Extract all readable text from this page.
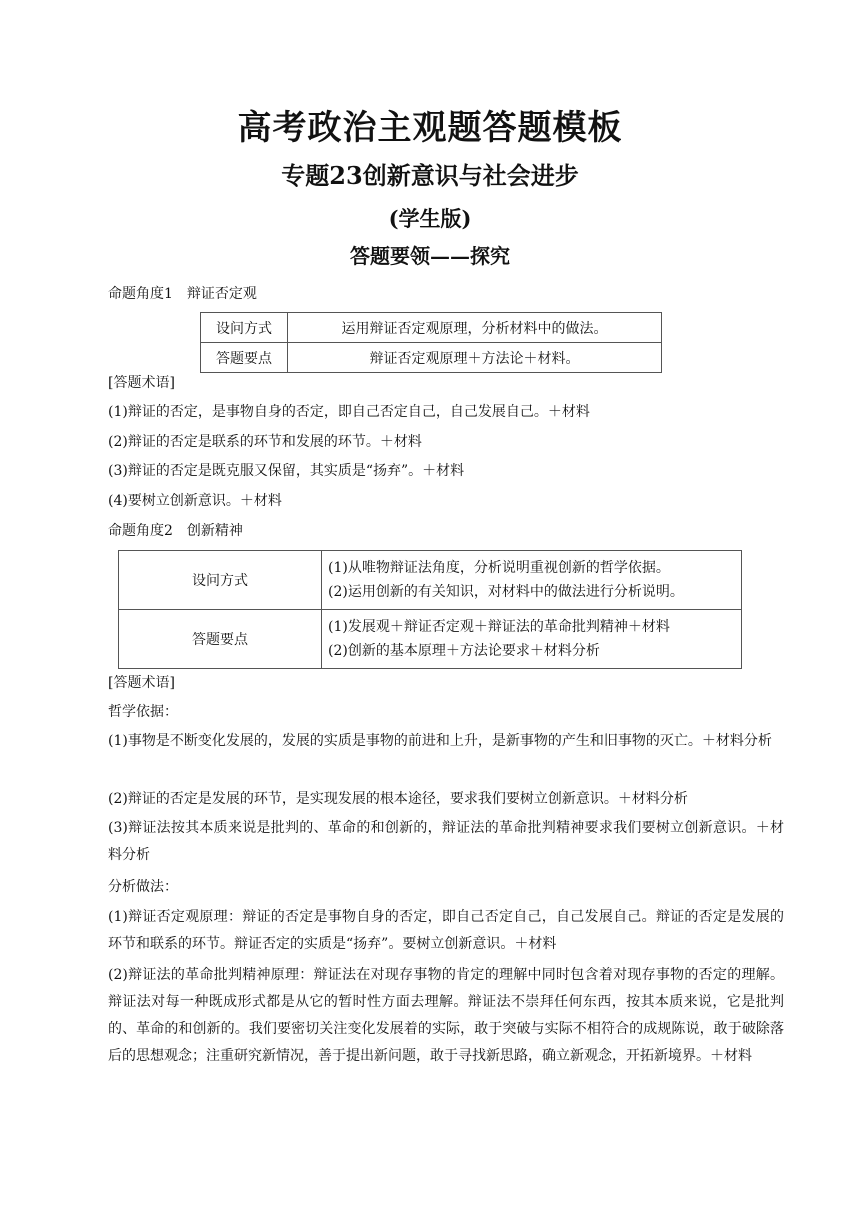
高考政治主观题答题模板
专题23创新意识与社会进步
(学生版)
答题要领——探究
命题角度1　辩证否定观
设问方式	运用辩证否定观原理，分析材料中的做法。
答题要点	辩证否定观原理＋方法论＋材料。
[答题术语]
(1)辩证的否定，是事物自身的否定，即自己否定自己，自己发展自己。＋材料
(2)辩证的否定是联系的环节和发展的环节。＋材料
(3)辩证的否定是既克服又保留，其实质是“扬弃”。＋材料
(4)要树立创新意识。＋材料
命题角度2　创新精神
设问方式	(1)从唯物辩证法角度，分析说明重视创新的哲学依据。
(2)运用创新的有关知识，对材料中的做法进行分析说明。

答题要点	(1)发展观＋辩证否定观＋辩证法的革命批判精神＋材料
(2)创新的基本原理＋方法论要求＋材料分析
[答题术语]
哲学依据：
(1)事物是不断变化发展的，发展的实质是事物的前进和上升，是新事物的产生和旧事物的灭亡。＋材料分析
(2)辩证的否定是发展的环节，是实现发展的根本途径，要求我们要树立创新意识。＋材料分析
(3)辩证法按其本质来说是批判的、革命的和创新的，辩证法的革命批判精神要求我们要树立创新意识。＋材料分析
分析做法：
(1)辩证否定观原理：辩证的否定是事物自身的否定，即自己否定自己，自己发展自己。辩证的否定是发展的环节和联系的环节。辩证否定的实质是“扬弃”。要树立创新意识。＋材料
(2)辩证法的革命批判精神原理：辩证法在对现存事物的肯定的理解中同时包含着对现存事物的否定的理解。辩证法对每一种既成形式都是从它的暂时性方面去理解。辩证法不崇拜任何东西，按其本质来说，它是批判的、革命的和创新的。我们要密切关注变化发展着的实际，敢于突破与实际不相符合的成规陈说，敢于破除落后的思想观念；注重研究新情况，善于提出新问题，敢于寻找新思路，确立新观念，开拓新境界。＋材料
